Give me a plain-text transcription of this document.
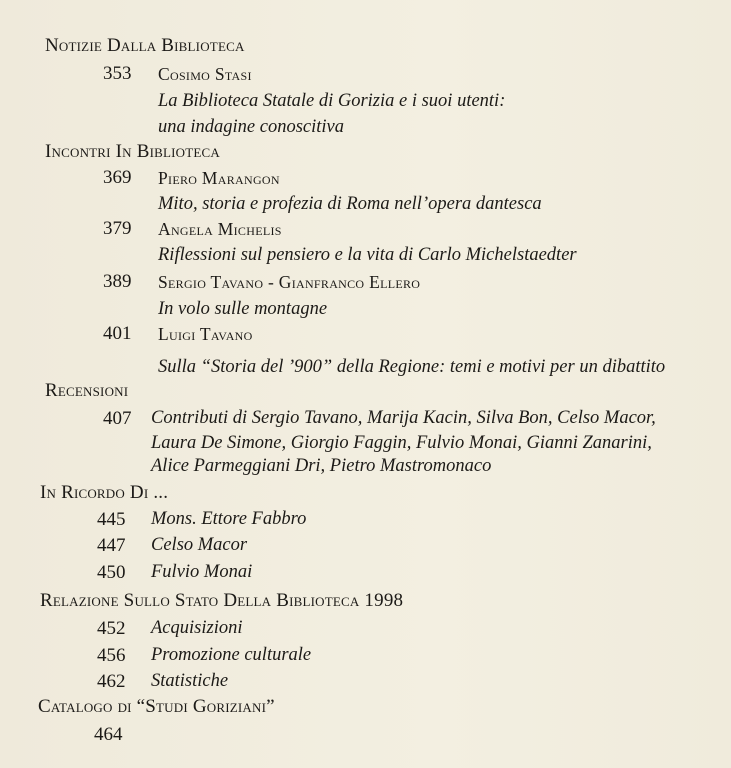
Notizie Dalla Biblioteca
353 Cosimo Stasi
La Biblioteca Statale di Gorizia e i suoi utenti:
una indagine conoscitiva
Incontri In Biblioteca
369 Piero Marangon
Mito, storia e profezia di Roma nell’opera dantesca
379 Angela Michelis
Riflessioni sul pensiero e la vita di Carlo Michelstaedter
389 Sergio Tavano - Gianfranco Ellero
In volo sulle montagne
401 Luigi Tavano
Sulla “Storia del ’900” della Regione: temi e motivi per un dibattito
Recensioni
407 Contributi di Sergio Tavano, Marija Kacin, Silva Bon, Celso Macor,
Laura De Simone, Giorgio Faggin, Fulvio Monai, Gianni Zanarini,
Alice Parmeggiani Dri, Pietro Mastromonaco
In Ricordo Di ...
445 Mons. Ettore Fabbro
447 Celso Macor
450 Fulvio Monai
Relazione Sullo Stato Della Biblioteca 1998
452 Acquisizioni
456 Promozione culturale
462 Statistiche
Catalogo di “Studi Goriziani”
464
